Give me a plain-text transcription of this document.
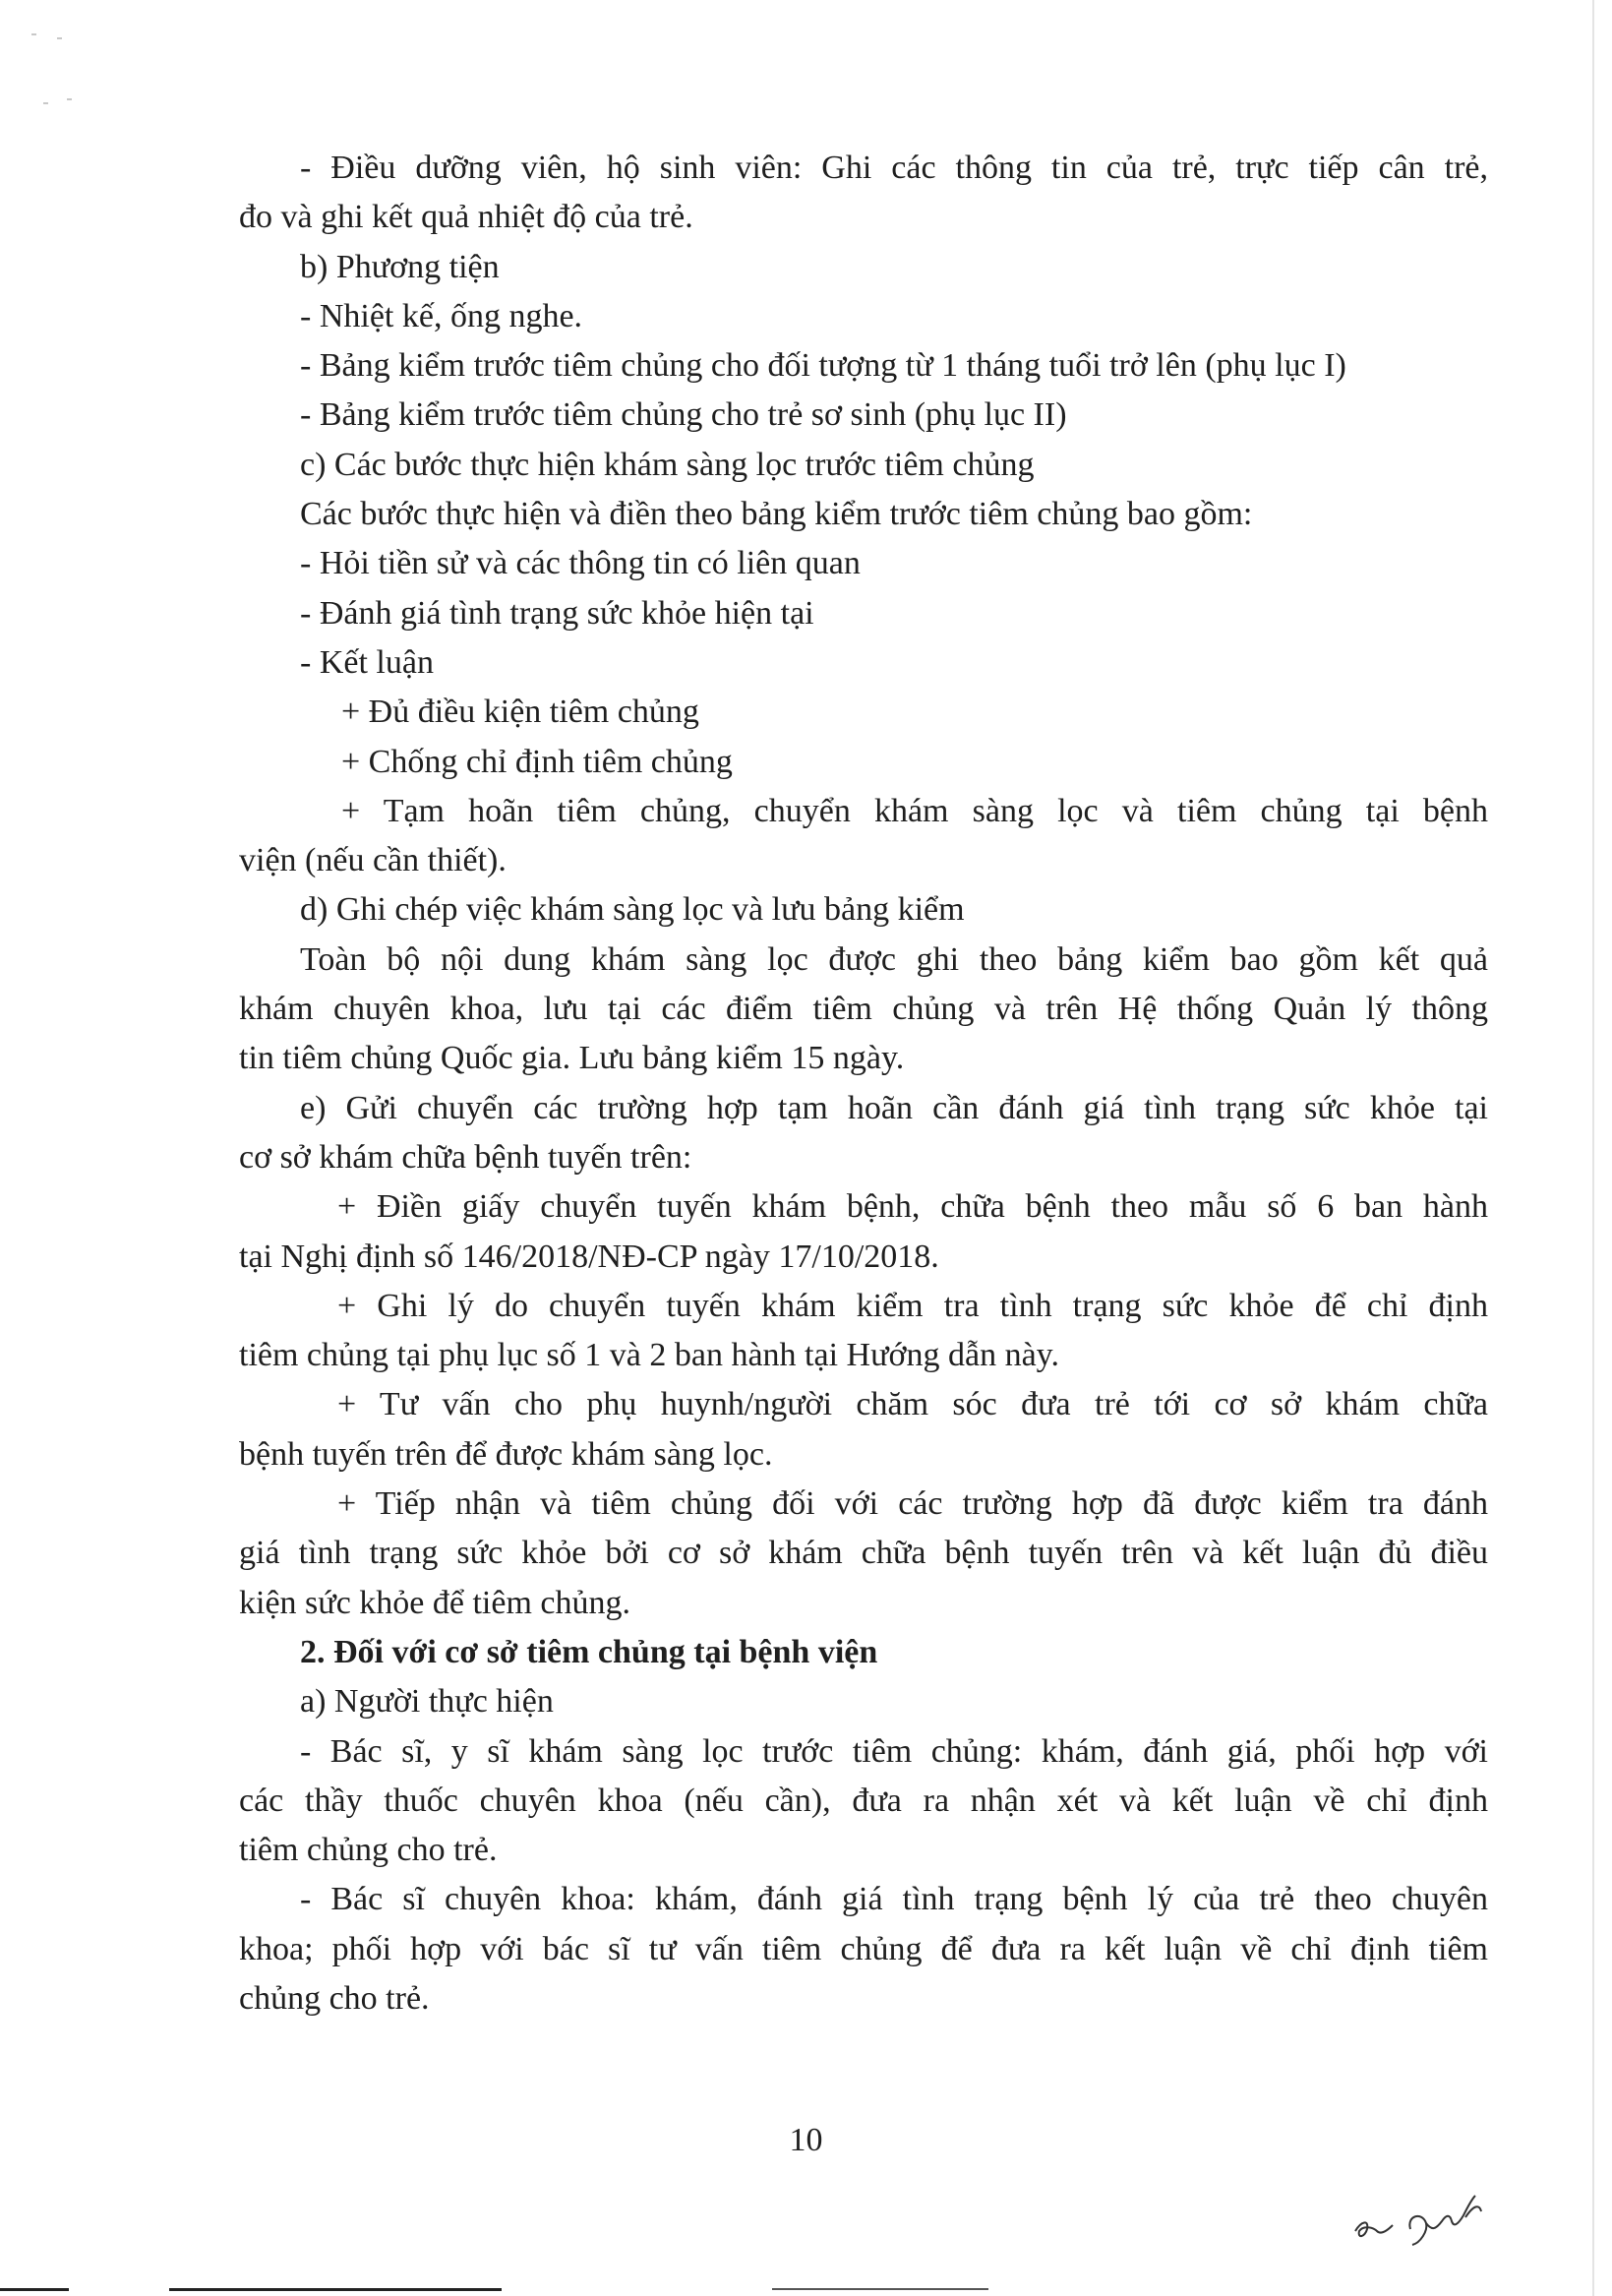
- Điều dưỡng viên, hộ sinh viên: Ghi các thông tin của trẻ, trực tiếp cân trẻ,
đo và ghi kết quả nhiệt độ của trẻ.
b) Phương tiện
- Nhiệt kế, ống nghe.
- Bảng kiểm trước tiêm chủng cho đối tượng từ 1 tháng tuổi trở lên (phụ lục I)
- Bảng kiểm trước tiêm chủng cho trẻ sơ sinh (phụ lục II)
c) Các bước thực hiện khám sàng lọc trước tiêm chủng
Các bước thực hiện và điền theo bảng kiểm trước tiêm chủng bao gồm:
- Hỏi tiền sử và các thông tin có liên quan
- Đánh giá tình trạng sức khỏe hiện tại
- Kết luận
+ Đủ điều kiện tiêm chủng
+ Chống chỉ định tiêm chủng
+ Tạm hoãn tiêm chủng, chuyển khám sàng lọc và tiêm chủng tại bệnh
viện (nếu cần thiết).
d) Ghi chép việc khám sàng lọc và lưu bảng kiểm
Toàn bộ nội dung khám sàng lọc được ghi theo bảng kiểm bao gồm kết quả
khám chuyên khoa, lưu tại các điểm tiêm chủng và trên Hệ thống Quản lý thông
tin tiêm chủng Quốc gia. Lưu bảng kiểm 15 ngày.
e) Gửi chuyển các trường hợp tạm hoãn cần đánh giá tình trạng sức khỏe tại
cơ sở khám chữa bệnh tuyến trên:
+ Điền giấy chuyển tuyến khám bệnh, chữa bệnh theo mẫu số 6 ban hành
tại Nghị định số 146/2018/NĐ-CP ngày 17/10/2018.
+ Ghi lý do chuyển tuyến khám kiểm tra tình trạng sức khỏe để chỉ định
tiêm chủng tại phụ lục số 1 và 2 ban hành tại Hướng dẫn này.
+ Tư vấn cho phụ huynh/người chăm sóc đưa trẻ tới cơ sở khám chữa
bệnh tuyến trên để được khám sàng lọc.
+ Tiếp nhận và tiêm chủng đối với các trường hợp đã được kiểm tra đánh
giá tình trạng sức khỏe bởi cơ sở khám chữa bệnh tuyến trên và kết luận đủ điều
kiện sức khỏe để tiêm chủng.
2. Đối với cơ sở tiêm chủng tại bệnh viện
a) Người thực hiện
- Bác sĩ, y sĩ khám sàng lọc trước tiêm chủng: khám, đánh giá, phối hợp với
các thầy thuốc chuyên khoa (nếu cần), đưa ra nhận xét và kết luận về chỉ định
tiêm chủng cho trẻ.
- Bác sĩ chuyên khoa: khám, đánh giá tình trạng bệnh lý của trẻ theo chuyên
khoa; phối hợp với bác sĩ tư vấn tiêm chủng để đưa ra kết luận về chỉ định tiêm
chủng cho trẻ.
10
